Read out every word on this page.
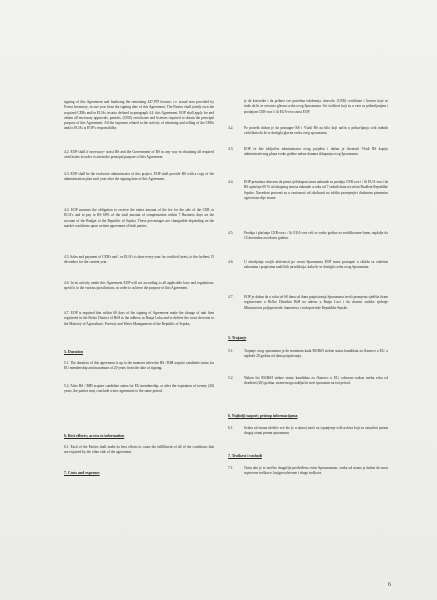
signing of this Agreement and finalizing the remaining 447,879 hectare, i.e. actual area provided by Forest Inventory, in one year from the signing date of this Agreement. The Parties shall jointly own the acquired CERs and/or EUAs in ratio defined in paragraph 4.4. this Agreement. EOP shall apply for and obtain all necessary approvals, permits, (CER) certificates and licenses required to obtain the principal purpose of this Agreement. All the expenses related to the activity of obtaining and selling of the CERs and/or EUAs is EOP's responsibility.
4.2. EOP shall if necessary- assist RS and the Government of RS in any way in obtaining all required certificates in order to attain the principal purpose of this Agreement.
4.3. EOP shall be the exclusive administrator of this project. EOP shall provide RS with a copy of the administration plan each year after the signing date of this Agreement.
4.4. EOP assumes the obligation to receive the entire amount of the fee for the sale of the CER or EUA's and to pay to RS 60% of the total amount of compensation within 7 Business days on the account of the Budget of the Republic of Srpska. These percentages are changeable depending on the market conditions upon written agreement of both parties.
4.5. Sales and payment of CER's and / or EUA's is done every year for certified forest, to the forthest 15 december for the current year.
4.6. In its activity under this Agreement EOP will act according to all applicable laws and regulations, specific to the various jurisdictions, in order to achieve the purpose of this Agreement.
4.7. EOP is required that within 60 days of the signing of Agreement make the change of unit firm registered in the Brcko District of BiH to the address in Banja Luka and to deliver the court decision to the Ministry of Agriculture, Forestry and Water Management of the Republic of Srpska.
5. Duration
5.1. The duration of this agreement is up to the moment when the RS / BIH acquire candidate status for EU membership and maximum of 20 years from the date of signing.
5.2. After RS / BIH acquire candidate status for EU membership, or after the expiration of twenty (20) years, the parties may conclude a new agreement to the same period.
6. Best efforts; access to information
6.1. Each of the Parties shall make its best efforts to cause the fulfillment of all of the conditions that are required by the other side of the agreement.
7. Costs and expenses
je da korisnike i da pribavi sve potrebna odobrenja, dozvole, (CER) certifikate i licence koje se traže da bi se ostvario glavna svrha ovog Sporazuma. Svi troškovi koji su u vezi sa pribavljanjem i prodajom CER-ova i/ ili EUA-ova snosi EOP.
4.2.	Po potrebi dužan je da pomogne RS i Vladi RS na bilo koji način u pribavljanju svih tražnih certifikata da bi se dostigla glavna svrha ovog sporazuma.
4.3.	EOP će biti isključivi administrator ovog projekta i dužan je dostaviti Vladi RS kopiju administrativnog plana svake godine nakon datuma sklapanja ovog Sporazuma.
4.4.	EOP preuzima obavezu da primi cjelokupan iznos naknade za prodaju CER-ova i / ili EUA-ova i da RS uplaćuje 60 % od ukupnog iznosa naknade u roku od 7 radnih dana na račun Budžeta Republike Srpske. Navedeni procenti su u zavisnosti od okolnosti na tržištu promjenjivi dodatnim pismenim ugovorom obje strane.
4.5.	Prodaja i plaćanje CER-ova i / ili EUA-ova vrši se svake godine za sertifikovane šume, najdalje do 15 decembra za tekuću godinu.
4.6.	U obavljanju svojih aktivnosti po ovom Sporazumu EOP mora postupati u skladu sa važećim zakonima i propisima različitih jurisdikcija, kako bi se dostigla svrha ovog Sporazuma.
4.7.	EOP je dužan da u roku od 60 dana od dana potpisivanja Sporazuma izvrši promjenu sjedišta firme registrovane u Brčko Distriktu BiH na adresu u Banja Luci i da dostavi sudsko rješenje Ministarstvu poljoprivrede, šumarstva i vodoprivrede Republike Srpske.
5. Trajanje
5.1.	Trajanje ovog sporazuma je do momenta kada RS/BiH stekne status kandidata za članstvo u EU, a najduže 20 godina od dana potpisivanja.
5.2.	Nakon što RS/BiH stekne status kandidata za članstvo u EU, odnosno nakon isteka roka od dvadeset (20) godina, strane mogu zaključiti novi sporazum na isti period.
6. Najbolji napori; pristup informacijama
6.1.	Svaka od strana uložiće sve što je u njenoj moći za ispunjenje svih uslova koji su označeni prema drugoj strani prema sporazumu.
7. Troškovi i rashodi
7.1.	Osim ako je to izričito drugačije predviđeno ovim Sporazumom, svaka od strana je dužna da snosi sopstvene troškove, knjigovodstvene i druge troškove.
6
